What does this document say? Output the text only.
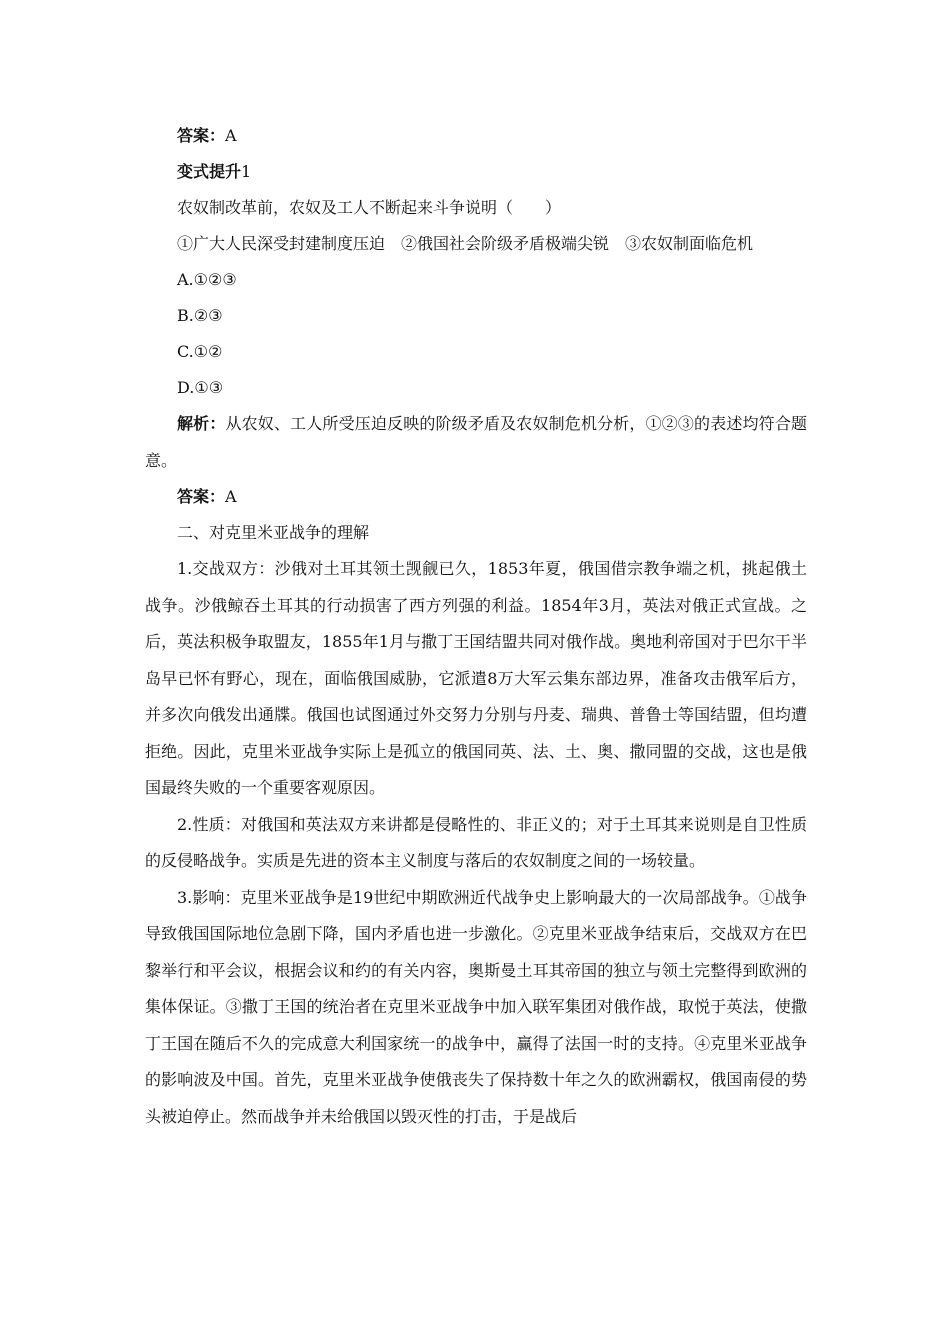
答案：A
变式提升1
农奴制改革前，农奴及工人不断起来斗争说明（　　）
①广大人民深受封建制度压迫　②俄国社会阶级矛盾极端尖锐　③农奴制面临危机
A.①②③
B.②③
C.①②
D.①③

解析：从农奴、工人所受压迫反映的阶级矛盾及农奴制危机分析，①②③的表述均符合题意。

答案：A
二、对克里米亚战争的理解

1.交战双方：沙俄对土耳其领土觊觎已久，1853年夏，俄国借宗教争端之机，挑起俄土战争。沙俄鲸吞土耳其的行动损害了西方列强的利益。1854年3月，英法对俄正式宣战。之后，英法积极争取盟友，1855年1月与撒丁王国结盟共同对俄作战。奥地利帝国对于巴尔干半岛早已怀有野心，现在，面临俄国威胁，它派遣8万大军云集东部边界，准备攻击俄军后方，并多次向俄发出通牒。俄国也试图通过外交努力分别与丹麦、瑞典、普鲁士等国结盟，但均遭拒绝。因此，克里米亚战争实际上是孤立的俄国同英、法、土、奥、撒同盟的交战，这也是俄国最终失败的一个重要客观原因。

2.性质：对俄国和英法双方来讲都是侵略性的、非正义的；对于土耳其来说则是自卫性质的反侵略战争。实质是先进的资本主义制度与落后的农奴制度之间的一场较量。

3.影响：克里米亚战争是19世纪中期欧洲近代战争史上影响最大的一次局部战争。①战争导致俄国国际地位急剧下降，国内矛盾也进一步激化。②克里米亚战争结束后，交战双方在巴黎举行和平会议，根据会议和约的有关内容，奥斯曼土耳其帝国的独立与领土完整得到欧洲的集体保证。③撒丁王国的统治者在克里米亚战争中加入联军集团对俄作战，取悦于英法，使撒丁王国在随后不久的完成意大利国家统一的战争中，赢得了法国一时的支持。④克里米亚战争的影响波及中国。首先，克里米亚战争使俄丧失了保持数十年之久的欧洲霸权，俄国南侵的势头被迫停止。然而战争并未给俄国以毁灭性的打击，于是战后
